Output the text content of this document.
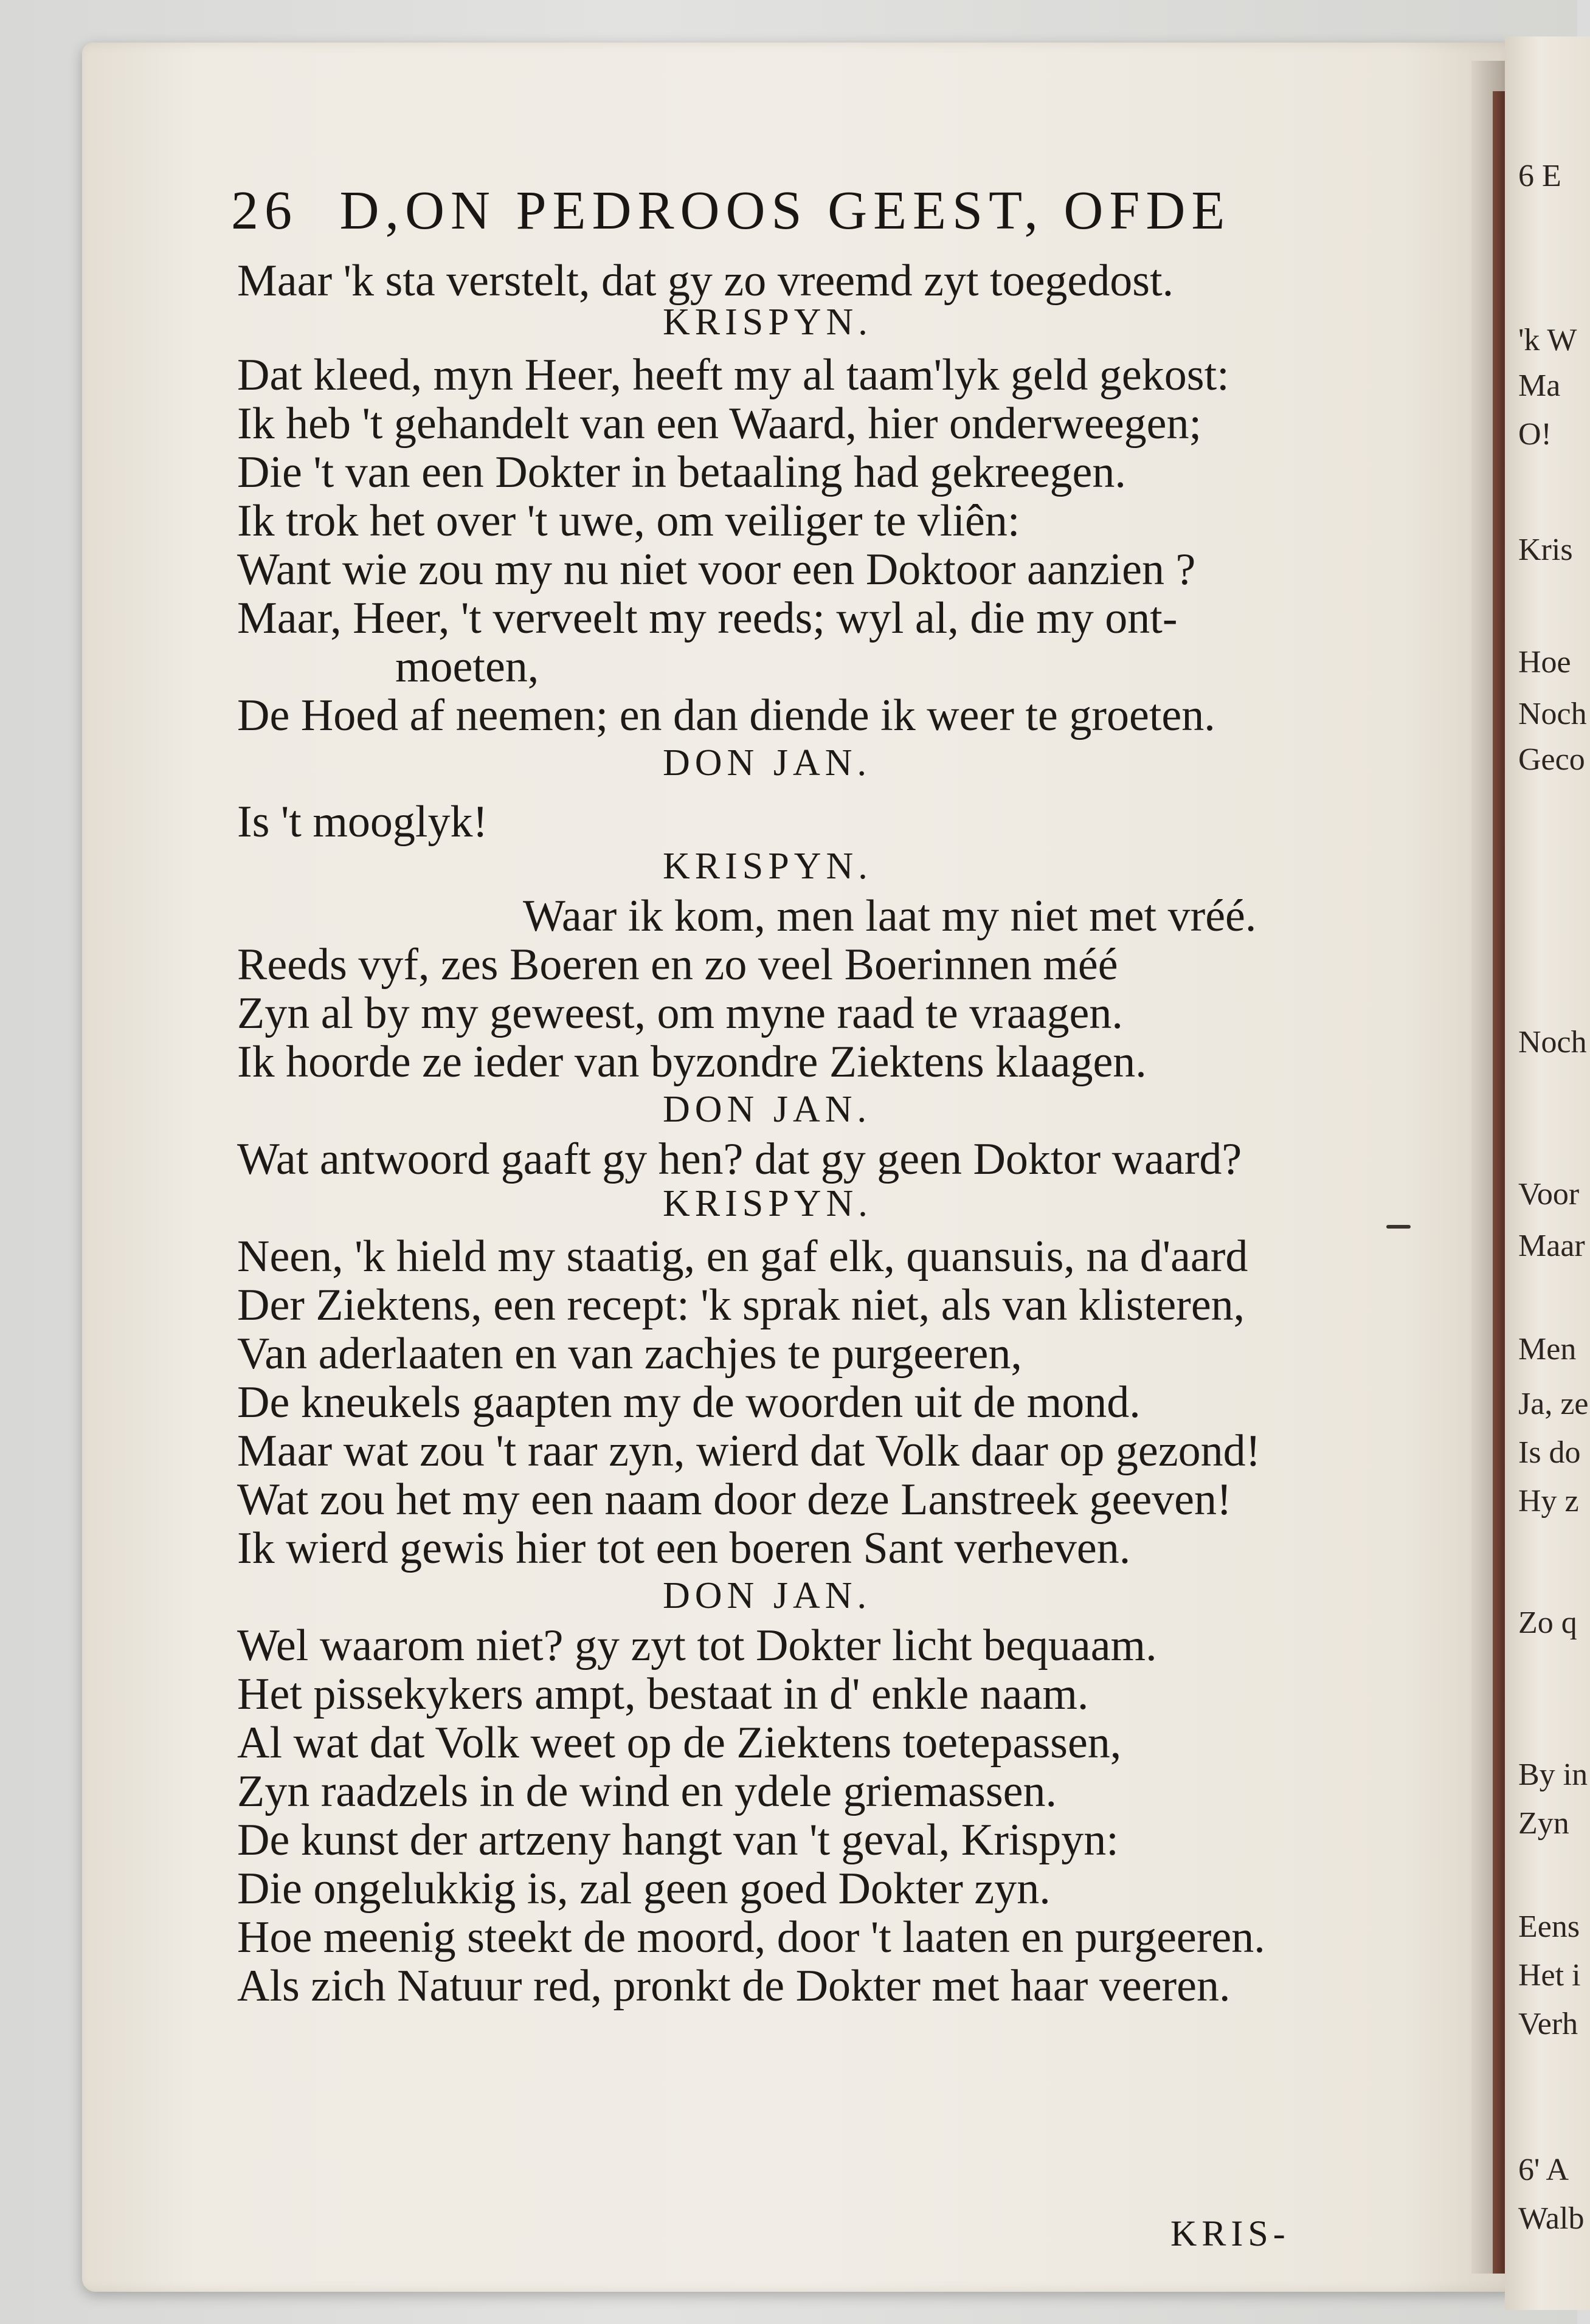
6 E
'k W
Ma
O!
Kris
Hoe
Noch
Geco
Noch
Voor
Maar
Men
Ja, ze
Is do
Hy z
Zo q
By in
Zyn
Eens
Het i
Verh
6' A
Walb
26 D,ON PEDROOS GEEST, OFDE
Maar 'k sta verstelt, dat gy zo vreemd zyt toegedost.
KRISPYN.
Dat kleed, myn Heer, heeft my al taam'lyk geld gekost:
Ik heb 't gehandelt van een Waard, hier onderweegen;
Die 't van een Dokter in betaaling had gekreegen.
Ik trok het over 't uwe, om veiliger te vliên:
Want wie zou my nu niet voor een Doktoor aanzien ?
Maar, Heer, 't verveelt my reeds; wyl al, die my ont-
moeten,
De Hoed af neemen; en dan diende ik weer te groeten.
DON JAN.
Is 't mooglyk!
KRISPYN.
Waar ik kom, men laat my niet met vréé.
Reeds vyf, zes Boeren en zo veel Boerinnen méé
Zyn al by my geweest, om myne raad te vraagen.
Ik hoorde ze ieder van byzondre Ziektens klaagen.
DON JAN.
Wat antwoord gaaft gy hen? dat gy geen Doktor waard?
KRISPYN.
Neen, 'k hield my staatig, en gaf elk, quansuis, na d'aard
Der Ziektens, een recept: 'k sprak niet, als van klisteren,
Van aderlaaten en van zachjes te purgeeren,
De kneukels gaapten my de woorden uit de mond.
Maar wat zou 't raar zyn, wierd dat Volk daar op gezond!
Wat zou het my een naam door deze Lanstreek geeven!
Ik wierd gewis hier tot een boeren Sant verheven.
DON JAN.
Wel waarom niet? gy zyt tot Dokter licht bequaam.
Het pissekykers ampt, bestaat in d' enkle naam.
Al wat dat Volk weet op de Ziektens toetepassen,
Zyn raadzels in de wind en ydele griemassen.
De kunst der artzeny hangt van 't geval, Krispyn:
Die ongelukkig is, zal geen goed Dokter zyn.
Hoe meenig steekt de moord, door 't laaten en purgeeren.
Als zich Natuur red, pronkt de Dokter met haar veeren.
KRIS-
